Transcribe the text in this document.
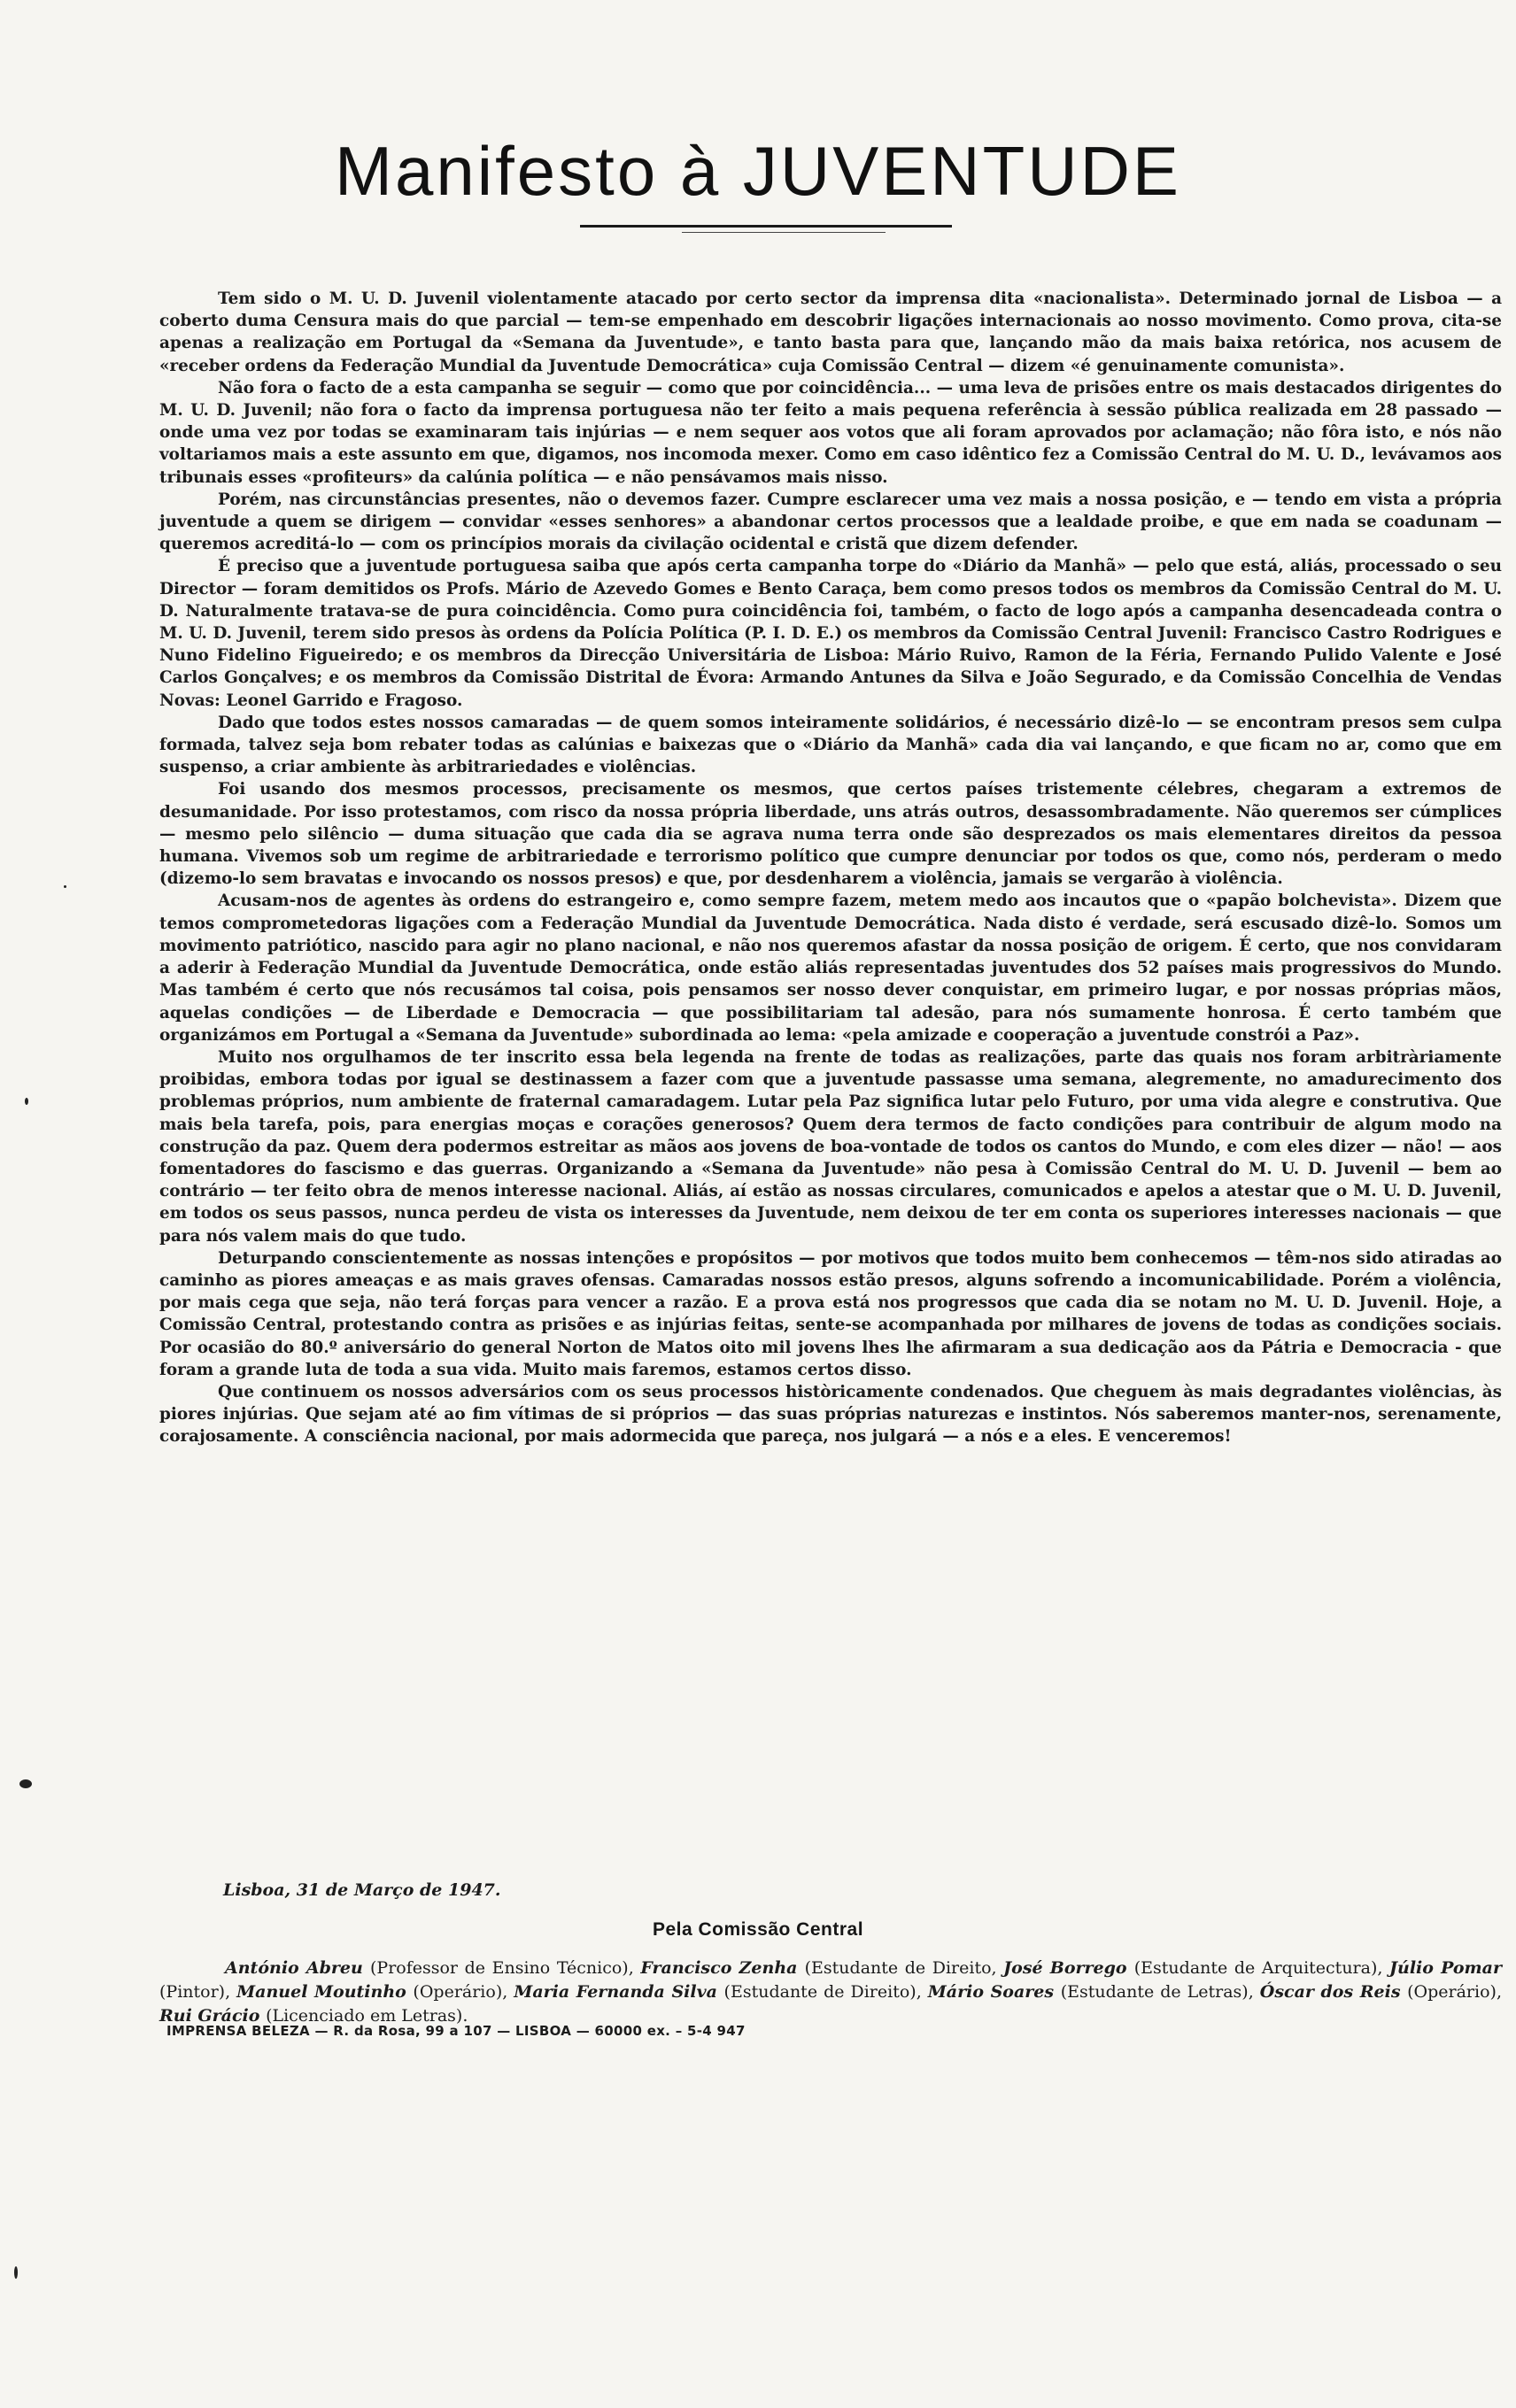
Manifesto à JUVENTUDE

Tem sido o M. U. D. Juvenil violentamente atacado por certo sector da imprensa dita «nacionalista». Determinado jornal de Lisboa — a coberto duma Censura mais do que parcial — tem-se empenhado em descobrir ligações internacionais ao nosso movimento. Como prova, cita-se apenas a realização em Portugal da «Semana da Juventude», e tanto basta para que, lançando mão da mais baixa retórica, nos acusem de «receber ordens da Federação Mundial da Juventude Democrática» cuja Comissão Central — dizem «é genuinamente comunista».

Não fora o facto de a esta campanha se seguir — como que por coincidência... — uma leva de prisões entre os mais destacados dirigentes do M. U. D. Juvenil; não fora o facto da imprensa portuguesa não ter feito a mais pequena referência à sessão pública realizada em 28 passado — onde uma vez por todas se examinaram tais injúrias — e nem sequer aos votos que ali foram aprovados por aclamação; não fôra isto, e nós não voltariamos mais a este assunto em que, digamos, nos incomoda mexer. Como em caso idêntico fez a Comissão Central do M. U. D., levávamos aos tribunais esses «profiteurs» da calúnia política — e não pensávamos mais nisso.

Porém, nas circunstâncias presentes, não o devemos fazer. Cumpre esclarecer uma vez mais a nossa posição, e — tendo em vista a própria juventude a quem se dirigem — convidar «esses senhores» a abandonar certos processos que a lealdade proibe, e que em nada se coadunam — queremos acreditá-lo — com os princípios morais da civilação ocidental e cristã que dizem defender.

É preciso que a juventude portuguesa saiba que após certa campanha torpe do «Diário da Manhã» — pelo que está, aliás, processado o seu Director — foram demitidos os Profs. Mário de Azevedo Gomes e Bento Caraça, bem como presos todos os membros da Comissão Central do M. U. D. Naturalmente tratava-se de pura coincidência. Como pura coincidência foi, também, o facto de logo após a campanha desencadeada contra o M. U. D. Juvenil, terem sido presos às ordens da Polícia Política (P. I. D. E.) os membros da Comissão Central Juvenil: Francisco Castro Rodrigues e Nuno Fidelino Figueiredo; e os membros da Direcção Universitária de Lisboa: Mário Ruivo, Ramon de la Féria, Fernando Pulido Valente e José Carlos Gonçalves; e os membros da Comissão Distrital de Évora: Armando Antunes da Silva e João Segurado, e da Comissão Concelhia de Vendas Novas: Leonel Garrido e Fragoso.

Dado que todos estes nossos camaradas — de quem somos inteiramente solidários, é necessário dizê-lo — se encontram presos sem culpa formada, talvez seja bom rebater todas as calúnias e baixezas que o «Diário da Manhã» cada dia vai lançando, e que ficam no ar, como que em suspenso, a criar ambiente às arbitrariedades e violências.

Foi usando dos mesmos processos, precisamente os mesmos, que certos países tristemente célebres, chegaram a extremos de desumanidade. Por isso protestamos, com risco da nossa própria liberdade, uns atrás outros, desassombradamente. Não queremos ser cúmplices — mesmo pelo silêncio — duma situação que cada dia se agrava numa terra onde são desprezados os mais elementares direitos da pessoa humana. Vivemos sob um regime de arbitrariedade e terrorismo político que cumpre denunciar por todos os que, como nós, perderam o medo (dizemo-lo sem bravatas e invocando os nossos presos) e que, por desdenharem a violência, jamais se vergarão à violência.

Acusam-nos de agentes às ordens do estrangeiro e, como sempre fazem, metem medo aos incautos que o «papão bolchevista». Dizem que temos comprometedoras ligações com a Federação Mundial da Juventude Democrática. Nada disto é verdade, será escusado dizê-lo. Somos um movimento patriótico, nascido para agir no plano nacional, e não nos queremos afastar da nossa posição de origem. É certo, que nos convidaram a aderir à Federação Mundial da Juventude Democrática, onde estão aliás representadas juventudes dos 52 países mais progressivos do Mundo. Mas também é certo que nós recusámos tal coisa, pois pensamos ser nosso dever conquistar, em primeiro lugar, e por nossas próprias mãos, aquelas condições — de Liberdade e Democracia — que possibilitariam tal adesão, para nós sumamente honrosa. É certo também que organizámos em Portugal a «Semana da Juventude» subordinada ao lema: «pela amizade e cooperação a juventude constrói a Paz».

Muito nos orgulhamos de ter inscrito essa bela legenda na frente de todas as realizações, parte das quais nos foram arbitràriamente proibidas, embora todas por igual se destinassem a fazer com que a juventude passasse uma semana, alegremente, no amadurecimento dos problemas próprios, num ambiente de fraternal camaradagem. Lutar pela Paz significa lutar pelo Futuro, por uma vida alegre e construtiva. Que mais bela tarefa, pois, para energias moças e corações generosos? Quem dera termos de facto condições para contribuir de algum modo na construção da paz. Quem dera podermos estreitar as mãos aos jovens de boa-vontade de todos os cantos do Mundo, e com eles dizer — não! — aos fomentadores do fascismo e das guerras. Organizando a «Semana da Juventude» não pesa à Comissão Central do M. U. D. Juvenil — bem ao contrário — ter feito obra de menos interesse nacional. Aliás, aí estão as nossas circulares, comunicados e apelos a atestar que o M. U. D. Juvenil, em todos os seus passos, nunca perdeu de vista os interesses da Juventude, nem deixou de ter em conta os superiores interesses nacionais — que para nós valem mais do que tudo.

Deturpando conscientemente as nossas intenções e propósitos — por motivos que todos muito bem conhecemos — têm-nos sido atiradas ao caminho as piores ameaças e as mais graves ofensas. Camaradas nossos estão presos, alguns sofrendo a incomunicabilidade. Porém a violência, por mais cega que seja, não terá forças para vencer a razão. E a prova está nos progressos que cada dia se notam no M. U. D. Juvenil. Hoje, a Comissão Central, protestando contra as prisões e as injúrias feitas, sente-se acompanhada por milhares de jovens de todas as condições sociais. Por ocasião do 80.º aniversário do general Norton de Matos oito mil jovens lhes lhe afirmaram a sua dedicação aos da Pátria e Democracia - que foram a grande luta de toda a sua vida. Muito mais faremos, estamos certos disso.

Que continuem os nossos adversários com os seus processos històricamente condenados. Que cheguem às mais degradantes violências, às piores injúrias. Que sejam até ao fim vítimas de si próprios — das suas próprias naturezas e instintos. Nós saberemos manter-nos, serenamente, corajosamente. A consciência nacional, por mais adormecida que pareça, nos julgará — a nós e a eles. E venceremos!

Lisboa, 31 de Março de 1947.
Pela Comissão Central
António Abreu (Professor de Ensino Técnico), Francisco Zenha (Estudante de Direito, José Borrego (Estudante de Arquitectura), Júlio Pomar (Pintor), Manuel Moutinho (Operário), Maria Fernanda Silva (Estudante de Direito), Mário Soares (Estudante de Letras), Óscar dos Reis (Operário), Rui Grácio (Licenciado em Letras).
IMPRENSA BELEZA — R. da Rosa, 99 a 107 — LISBOA — 60000 ex. – 5-4 947
